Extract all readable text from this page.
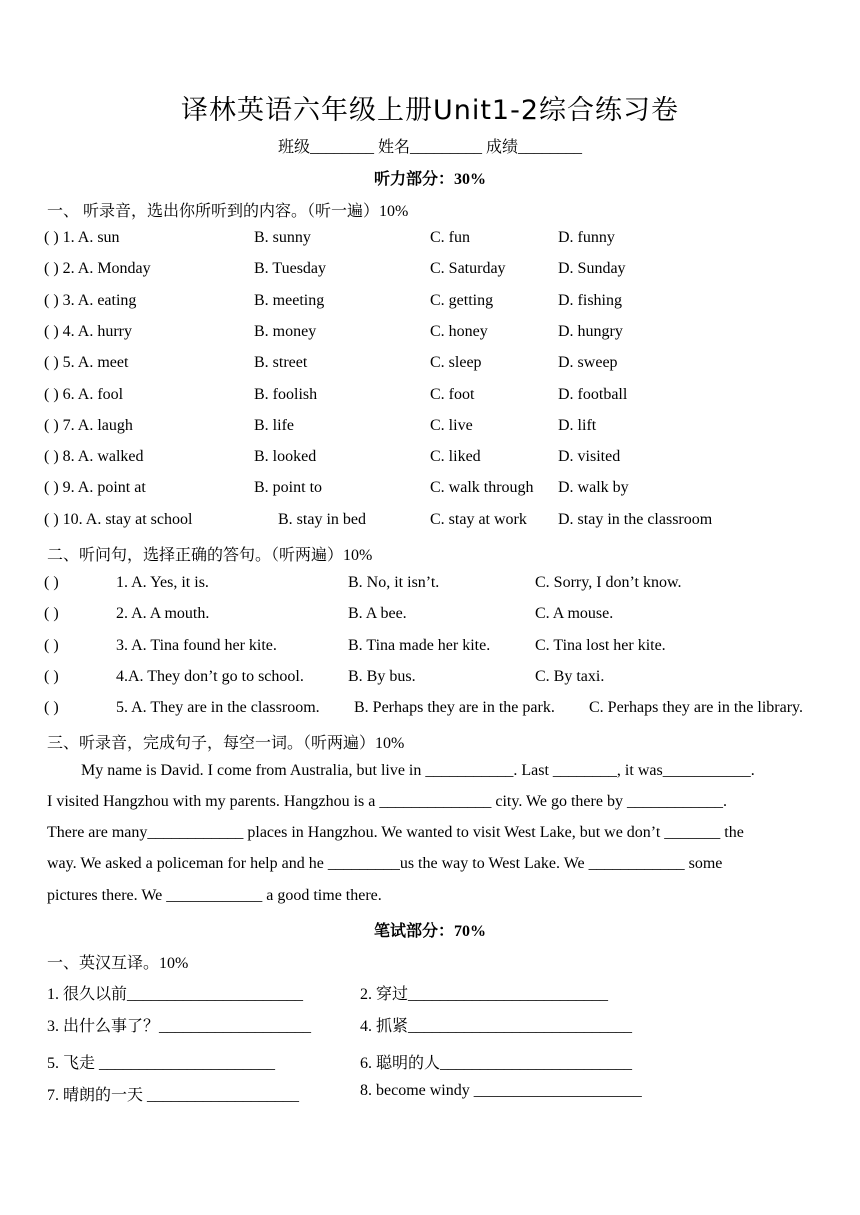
译林英语六年级上册Unit1-2综合练习卷
班级________ 姓名_________ 成绩________
听力部分：30%
一、 听录音，选出你所听到的内容。（听一遍）10%
( ) 1. A. sun	B. sunny	C. fun	D. funny
( ) 2. A. Monday	B. Tuesday	C. Saturday	D. Sunday
( ) 3. A. eating	B. meeting	C. getting	D. fishing
( ) 4. A. hurry	B. money	C. honey	D. hungry
( ) 5. A. meet	B. street	C. sleep	D. sweep
( ) 6. A. fool	B. foolish	C. foot	D. football
( ) 7. A. laugh	B. life	C. live	D. lift
( ) 8. A. walked	B. looked	C. liked	D. visited
( ) 9. A. point at	B. point to	C. walk through D. walk by
( ) 10. A. stay at school	B. stay in bed	C. stay at work D. stay in the classroom
二、听问句，选择正确的答句。（听两遍）10%
( )	1. A. Yes, it is.	B. No, it isn’t.	C. Sorry, I don’t know.
( )	2. A. A mouth.	B. A bee.	C. A mouse.
( )	3. A. Tina found her kite.	B. Tina made her kite.	C. Tina lost her kite.
( )	4.A. They don’t go to school.	B. By bus.	C. By taxi.
( )	5. A. They are in the classroom. B. Perhaps they are in the park. C. Perhaps they are in the library.
三、听录音，完成句子，每空一词。（听两遍）10%
My name is David. I come from Australia, but live in ___________. Last ________, it was___________.
I visited Hangzhou with my parents. Hangzhou is a ______________ city. We go there by ____________.
There are many____________ places in Hangzhou. We wanted to visit West Lake, but we don’t _______ the
way. We asked a policeman for help and he _________us the way to West Lake. We ____________ some
pictures there. We ____________ a good time there.
笔试部分：70%
一、英汉互译。10%
1. 很久以前______________________	2. 穿过_________________________
3. 出什么事了？___________________	4. 抓紧____________________________
5. 飞走 ______________________	6. 聪明的人________________________
7. 晴朗的一天 ___________________	8. become windy _____________________
